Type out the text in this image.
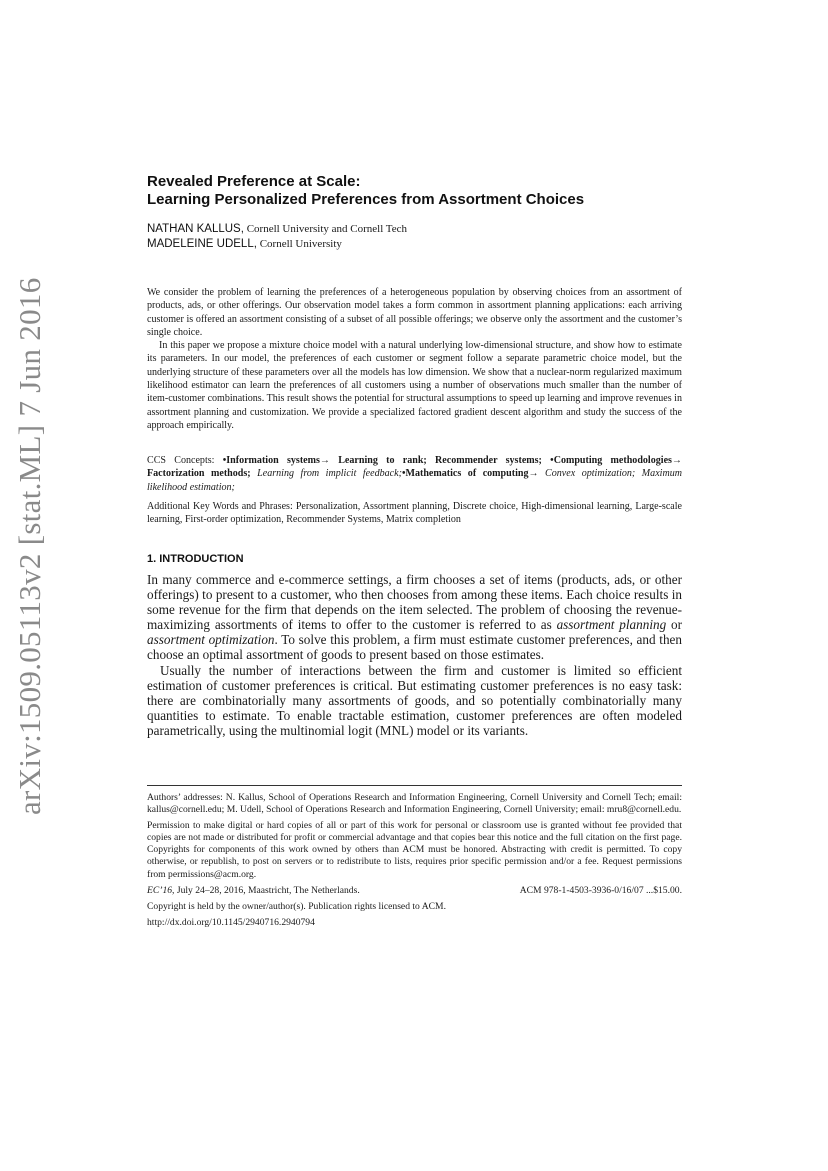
arXiv:1509.05113v2 [stat.ML] 7 Jun 2016
Revealed Preference at Scale:
Learning Personalized Preferences from Assortment Choices
NATHAN KALLUS, Cornell University and Cornell Tech
MADELEINE UDELL, Cornell University

We consider the problem of learning the preferences of a heterogeneous population by observing choices from an assortment of products, ads, or other offerings. Our observation model takes a form common in assortment planning applications: each arriving customer is offered an assortment consisting of a subset of all possible offerings; we observe only the assortment and the customer’s single choice.

In this paper we propose a mixture choice model with a natural underlying low-dimensional structure, and show how to estimate its parameters. In our model, the preferences of each customer or segment follow a separate parametric choice model, but the underlying structure of these parameters over all the models has low dimension. We show that a nuclear-norm regularized maximum likelihood estimator can learn the preferences of all customers using a number of observations much smaller than the number of item-customer combinations. This result shows the potential for structural assumptions to speed up learning and improve revenues in assortment planning and customization. We provide a specialized factored gradient descent algorithm and study the success of the approach empirically.

CCS Concepts: •Information systems→ Learning to rank; Recommender systems; •Computing methodologies→ Factorization methods; Learning from implicit feedback;•Mathematics of computing→ Convex optimization; Maximum likelihood estimation;
Additional Key Words and Phrases: Personalization, Assortment planning, Discrete choice, High-dimensional learning, Large-scale learning, First-order optimization, Recommender Systems, Matrix completion
1. INTRODUCTION

In many commerce and e-commerce settings, a firm chooses a set of items (products, ads, or other offerings) to present to a customer, who then chooses from among these items. Each choice results in some revenue for the firm that depends on the item selected. The problem of choosing the revenue-maximizing assortments of items to offer to the customer is referred to as assortment planning or assortment optimization. To solve this problem, a firm must estimate customer preferences, and then choose an optimal assortment of goods to present based on those estimates.

Usually the number of interactions between the firm and customer is limited so efficient estimation of customer preferences is critical. But estimating customer preferences is no easy task: there are combinatorially many assortments of goods, and so potentially combinatorially many quantities to estimate. To enable tractable estimation, customer preferences are often modeled parametrically, using the multinomial logit (MNL) model or its variants.

Authors’ addresses: N. Kallus, School of Operations Research and Information Engineering, Cornell University and Cornell Tech; email: kallus@cornell.edu; M. Udell, School of Operations Research and Information Engineering, Cornell University; email: mru8@cornell.edu.

Permission to make digital or hard copies of all or part of this work for personal or classroom use is granted without fee provided that copies are not made or distributed for profit or commercial advantage and that copies bear this notice and the full citation on the first page. Copyrights for components of this work owned by others than ACM must be honored. Abstracting with credit is permitted. To copy otherwise, or republish, to post on servers or to redistribute to lists, requires prior specific permission and/or a fee. Request permissions from permissions@acm.org.

EC’16, July 24–28, 2016, Maastricht, The Netherlands.	ACM 978-1-4503-3936-0/16/07 ...$15.00.

Copyright is held by the owner/author(s). Publication rights licensed to ACM.

http://dx.doi.org/10.1145/2940716.2940794
